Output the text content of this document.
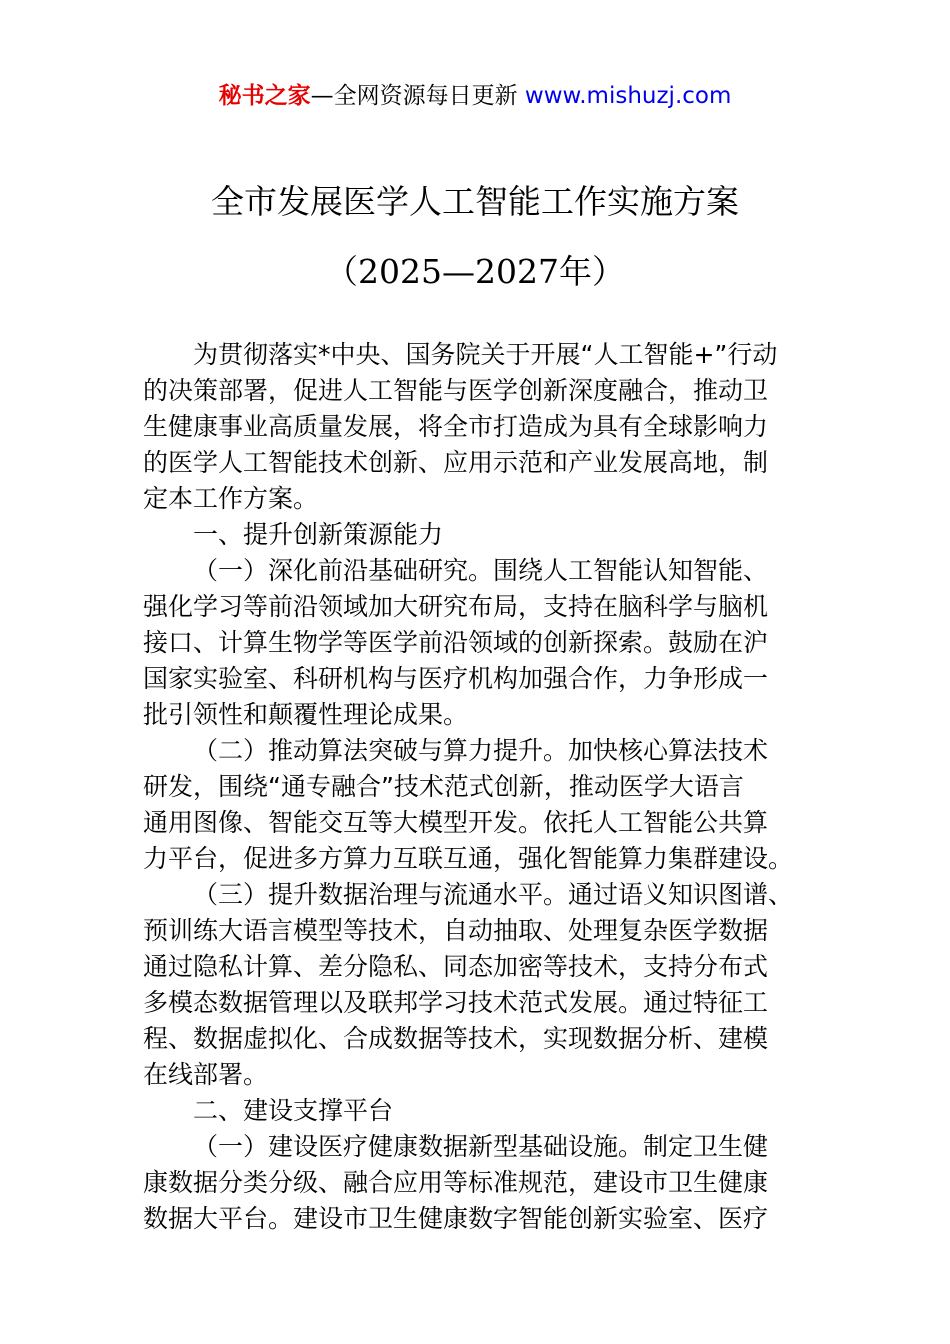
秘书之家—全网资源每日更新 www.mishuzj.com
全市发展医学人工智能工作实施方案
（2025—2027年）
为贯彻落实*中央、国务院关于开展“人工智能+”行动
的决策部署，促进人工智能与医学创新深度融合，推动卫
生健康事业高质量发展，将全市打造成为具有全球影响力
的医学人工智能技术创新、应用示范和产业发展高地，制
定本工作方案。
一、提升创新策源能力
（一）深化前沿基础研究。围绕人工智能认知智能、
强化学习等前沿领域加大研究布局，支持在脑科学与脑机
接口、计算生物学等医学前沿领域的创新探索。鼓励在沪
国家实验室、科研机构与医疗机构加强合作，力争形成一
批引领性和颠覆性理论成果。
（二）推动算法突破与算力提升。加快核心算法技术
研发，围绕“通专融合”技术范式创新，推动医学大语言
通用图像、智能交互等大模型开发。依托人工智能公共算
力平台，促进多方算力互联互通，强化智能算力集群建设。
（三）提升数据治理与流通水平。通过语义知识图谱、
预训练大语言模型等技术，自动抽取、处理复杂医学数据
通过隐私计算、差分隐私、同态加密等技术，支持分布式
多模态数据管理以及联邦学习技术范式发展。通过特征工
程、数据虚拟化、合成数据等技术，实现数据分析、建模
在线部署。
二、建设支撑平台
（一）建设医疗健康数据新型基础设施。制定卫生健
康数据分类分级、融合应用等标准规范，建设市卫生健康
数据大平台。建设市卫生健康数字智能创新实验室、医疗
